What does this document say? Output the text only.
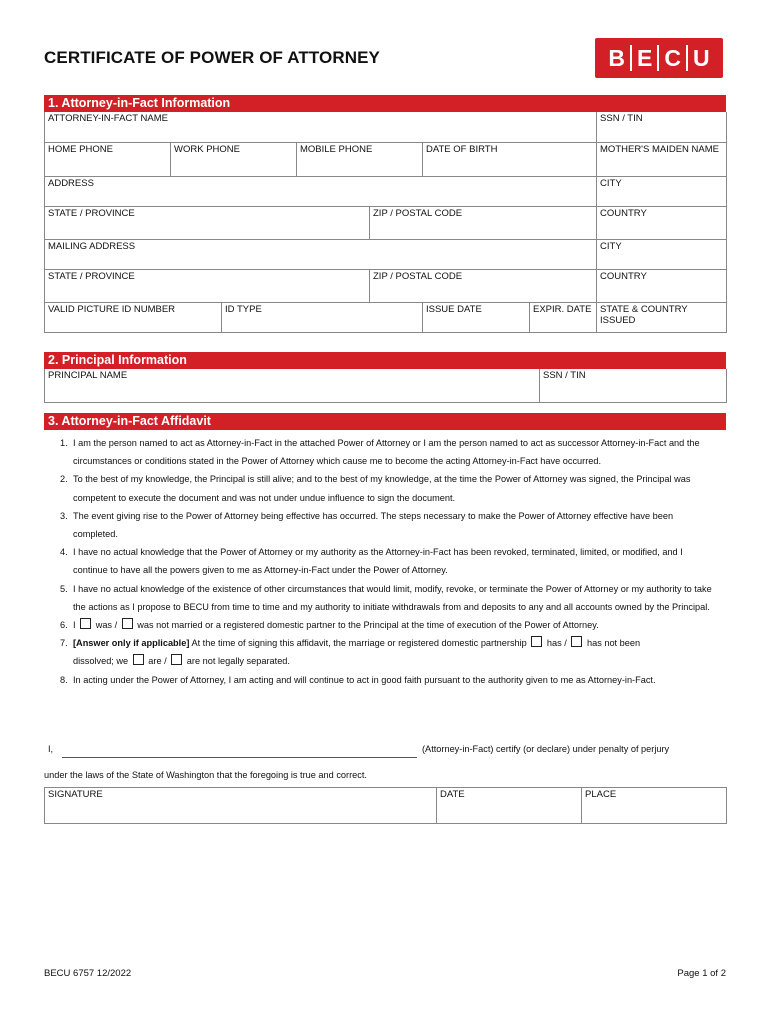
CERTIFICATE OF POWER OF ATTORNEY	B E C U
1. Attorney-in-Fact Information
ATTORNEY-IN-FACT NAME							SSN / TIN
HOME PHONE	WORK PHONE		MOBILE PHONE		DATE OF BIRTH		MOTHER'S MAIDEN NAME
ADDRESS							CITY
STATE / PROVINCE				ZIP / POSTAL CODE			COUNTRY
MAILING ADDRESS							CITY
STATE / PROVINCE				ZIP / POSTAL CODE			COUNTRY
VALID PICTURE ID NUMBER		ID TYPE			ISSUE DATE	EXPIR. DATE	STATE & COUNTRY ISSUED
2. Principal Information
PRINCIPAL NAME	SSN / TIN
3. Attorney-in-Fact Affidavit
1. I am the person named to act as Attorney-in-Fact in the attached Power of Attorney or I am the person named to act as successor Attorney-in-Fact and the circumstances or conditions stated in the Power of Attorney which cause me to become the acting Attorney-in-Fact have occurred.
2. To the best of my knowledge, the Principal is still alive; and to the best of my knowledge, at the time the Power of Attorney was signed, the Principal was competent to execute the document and was not under undue influence to sign the document.
3. The event giving rise to the Power of Attorney being effective has occurred. The steps necessary to make the Power of Attorney effective have been completed.
4. I have no actual knowledge that the Power of Attorney or my authority as the Attorney-in-Fact has been revoked, terminated, limited, or modified, and I continue to have all the powers given to me as Attorney-in-Fact under the Power of Attorney.
5. I have no actual knowledge of the existence of other circumstances that would limit, modify, revoke, or terminate the Power of Attorney or my authority to take the actions as I propose to BECU from time to time and my authority to initiate withdrawals from and deposits to any and all accounts owned by the Principal.
6. I was / was not married or a registered domestic partner to the Principal at the time of execution of the Power of Attorney.
7. [Answer only if applicable] At the time of signing this affidavit, the marriage or registered domestic partnership has / has not been
dissolved; we are / are not legally separated.
8. In acting under the Power of Attorney, I am acting and will continue to act in good faith pursuant to the authority given to me as Attorney-in-Fact.
I,	(Attorney-in-Fact) certify (or declare) under penalty of perjury
under the laws of the State of Washington that the foregoing is true and correct.
SIGNATURE	DATE	PLACE
BECU 6757 12/2022	Page 1 of 2
